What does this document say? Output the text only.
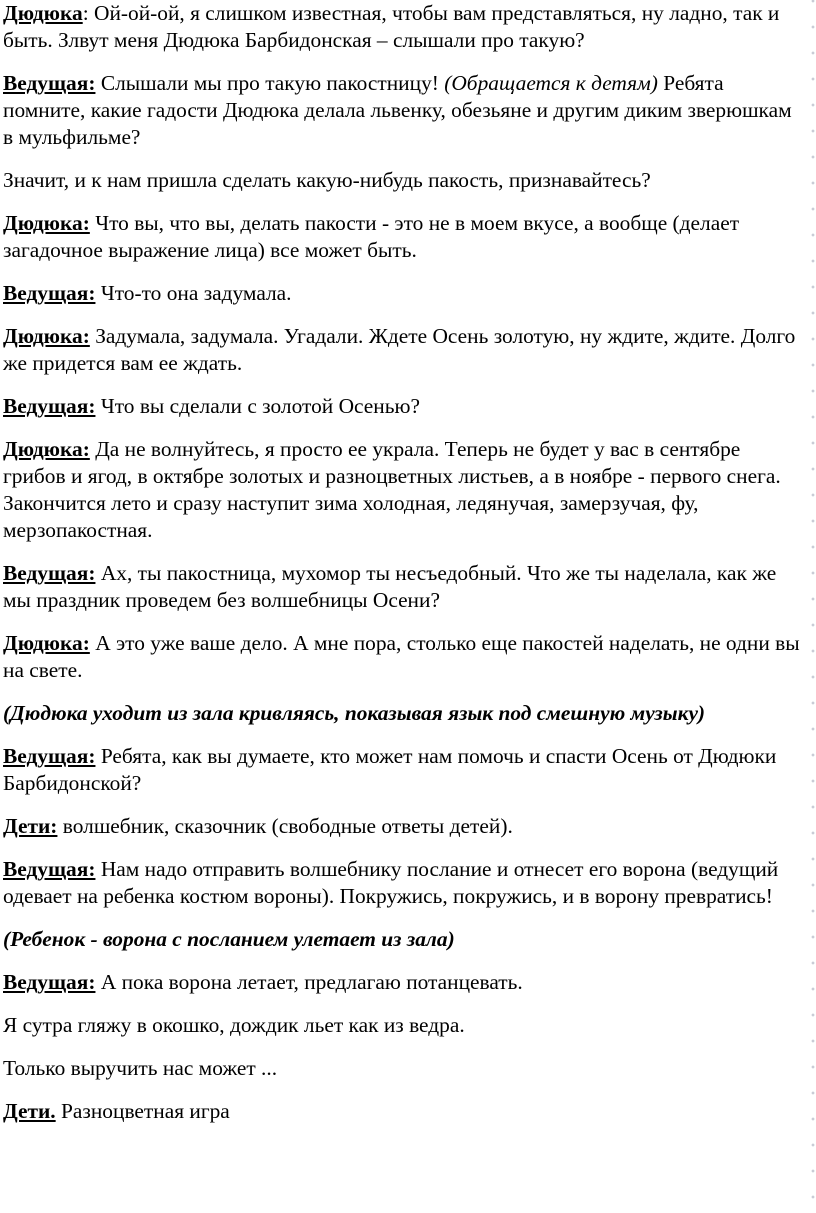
Дюдюка: Ой-ой-ой, я слишком известная, чтобы вам представляться, ну ладно, так и быть. Злвут меня Дюдюка Барбидонская – слышали про такую?

Ведущая: Слышали мы про такую пакостницу! (Обращается к детям) Ребята помните, какие гадости Дюдюка делала львенку, обезьяне и другим диким зверюшкам в мульфильме?

Значит, и к нам пришла сделать какую-нибудь пакость, признавайтесь?

Дюдюка: Что вы, что вы, делать пакости - это не в моем вкусе, а вообще (делает загадочное выражение лица) все может быть.

Ведущая: Что-то она задумала.

Дюдюка: Задумала, задумала. Угадали. Ждете Осень золотую, ну ждите, ждите. Долго же придется вам ее ждать.

Ведущая: Что вы сделали с золотой Осенью?

Дюдюка: Да не волнуйтесь, я просто ее украла. Теперь не будет у вас в сентябре грибов и ягод, в октябре золотых и разноцветных листьев, а в ноябре - первого снега. Закончится лето и сразу наступит зима холодная, ледянучая, замерзучая, фу, мерзопакостная.

Ведущая: Ах, ты пакостница, мухомор ты несъедобный. Что же ты наделала, как же мы праздник проведем без волшебницы Осени?

Дюдюка: А это уже ваше дело. А мне пора, столько еще пакостей наделать, не одни вы на свете.

(Дюдюка уходит из зала кривляясь, показывая язык под смешную музыку)

Ведущая: Ребята, как вы думаете, кто может нам помочь и спасти Осень от Дюдюки Барбидонской?

Дети: волшебник, сказочник (свободные ответы детей).

Ведущая: Нам надо отправить волшебнику послание и отнесет его ворона (ведущий одевает на ребенка костюм вороны). Покружись, покружись, и в ворону превратись!

(Ребенок - ворона с посланием улетает из зала)

Ведущая: А пока ворона летает, предлагаю потанцевать.

Я сутра гляжу в окошко, дождик льет как из ведра.

Только выручить нас может ...

Дети. Разноцветная игра
